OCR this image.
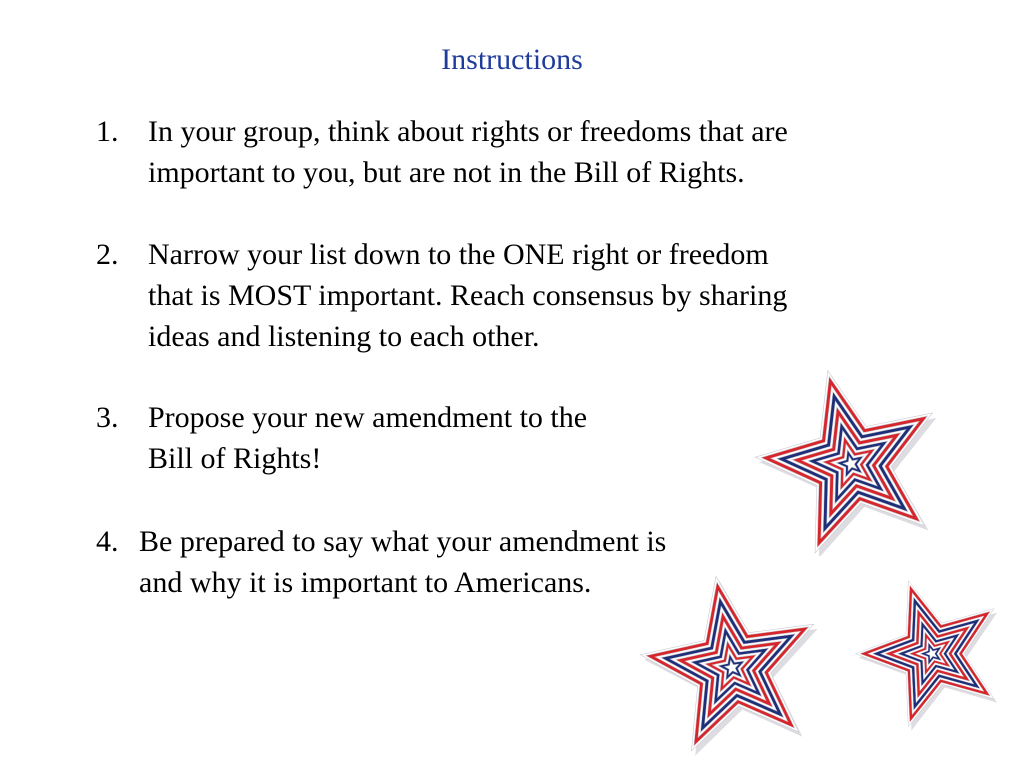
Instructions
1. In your group, think about rights or freedoms that are
important to you, but are not in the Bill of Rights.
2. Narrow your list down to the ONE right or freedom
that is MOST important. Reach consensus by sharing
ideas and listening to each other.
3. Propose your new amendment to the
Bill of Rights!
4. Be prepared to say what your amendment is
and why it is important to Americans.
